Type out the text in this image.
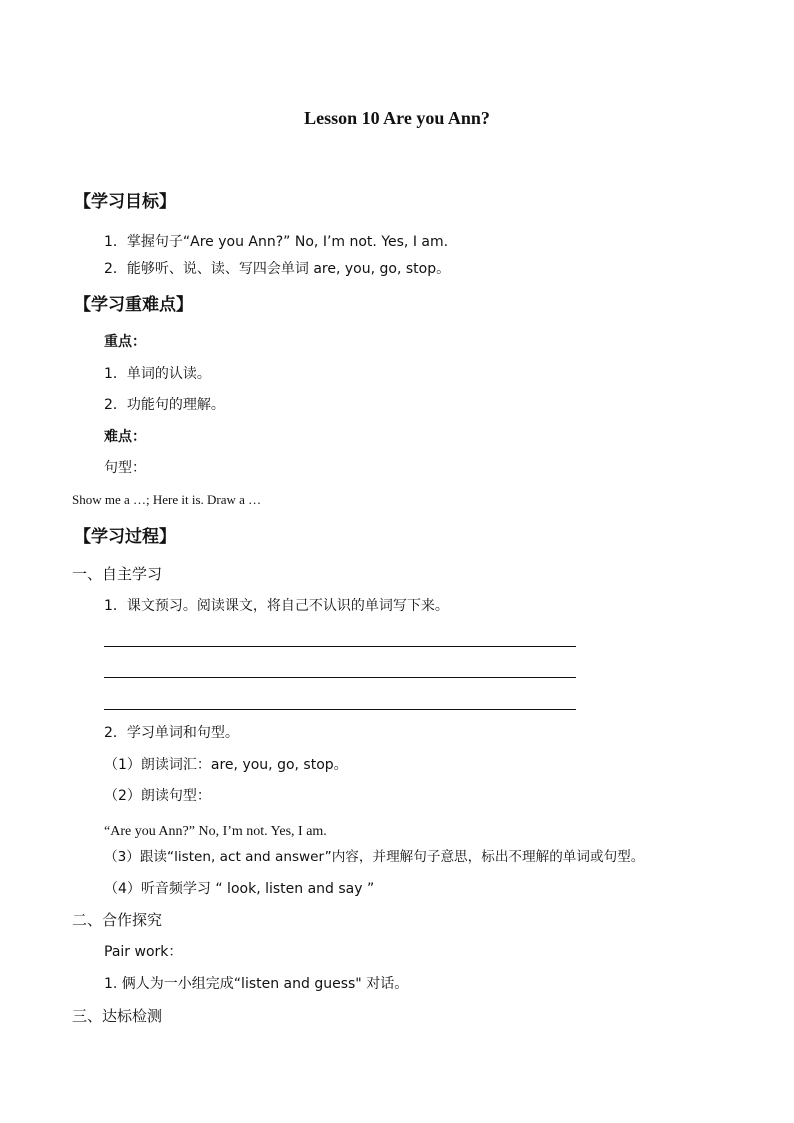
Lesson 10 Are you Ann?
【学习目标】
1．掌握句子“Are you Ann?” No, I’m not. Yes, I am.
2．能够听、说、读、写四会单词 are, you, go, stop。
【学习重难点】
重点：
1．单词的认读。
2．功能句的理解。
难点：
句型：
Show me a …; Here it is. Draw a …
【学习过程】
一、自主学习
1．课文预习。阅读课文，将自己不认识的单词写下来。
2．学习单词和句型。
（1）朗读词汇：are, you, go, stop。
（2）朗读句型：
“Are you Ann?” No, I’m not. Yes, I am.
（3）跟读“listen, act and answer”内容，并理解句子意思，标出不理解的单词或句型。
（4）听音频学习 “ look, listen and say ”
二、合作探究
Pair work：
1. 俩人为一小组完成“listen and guess" 对话。
三、达标检测
